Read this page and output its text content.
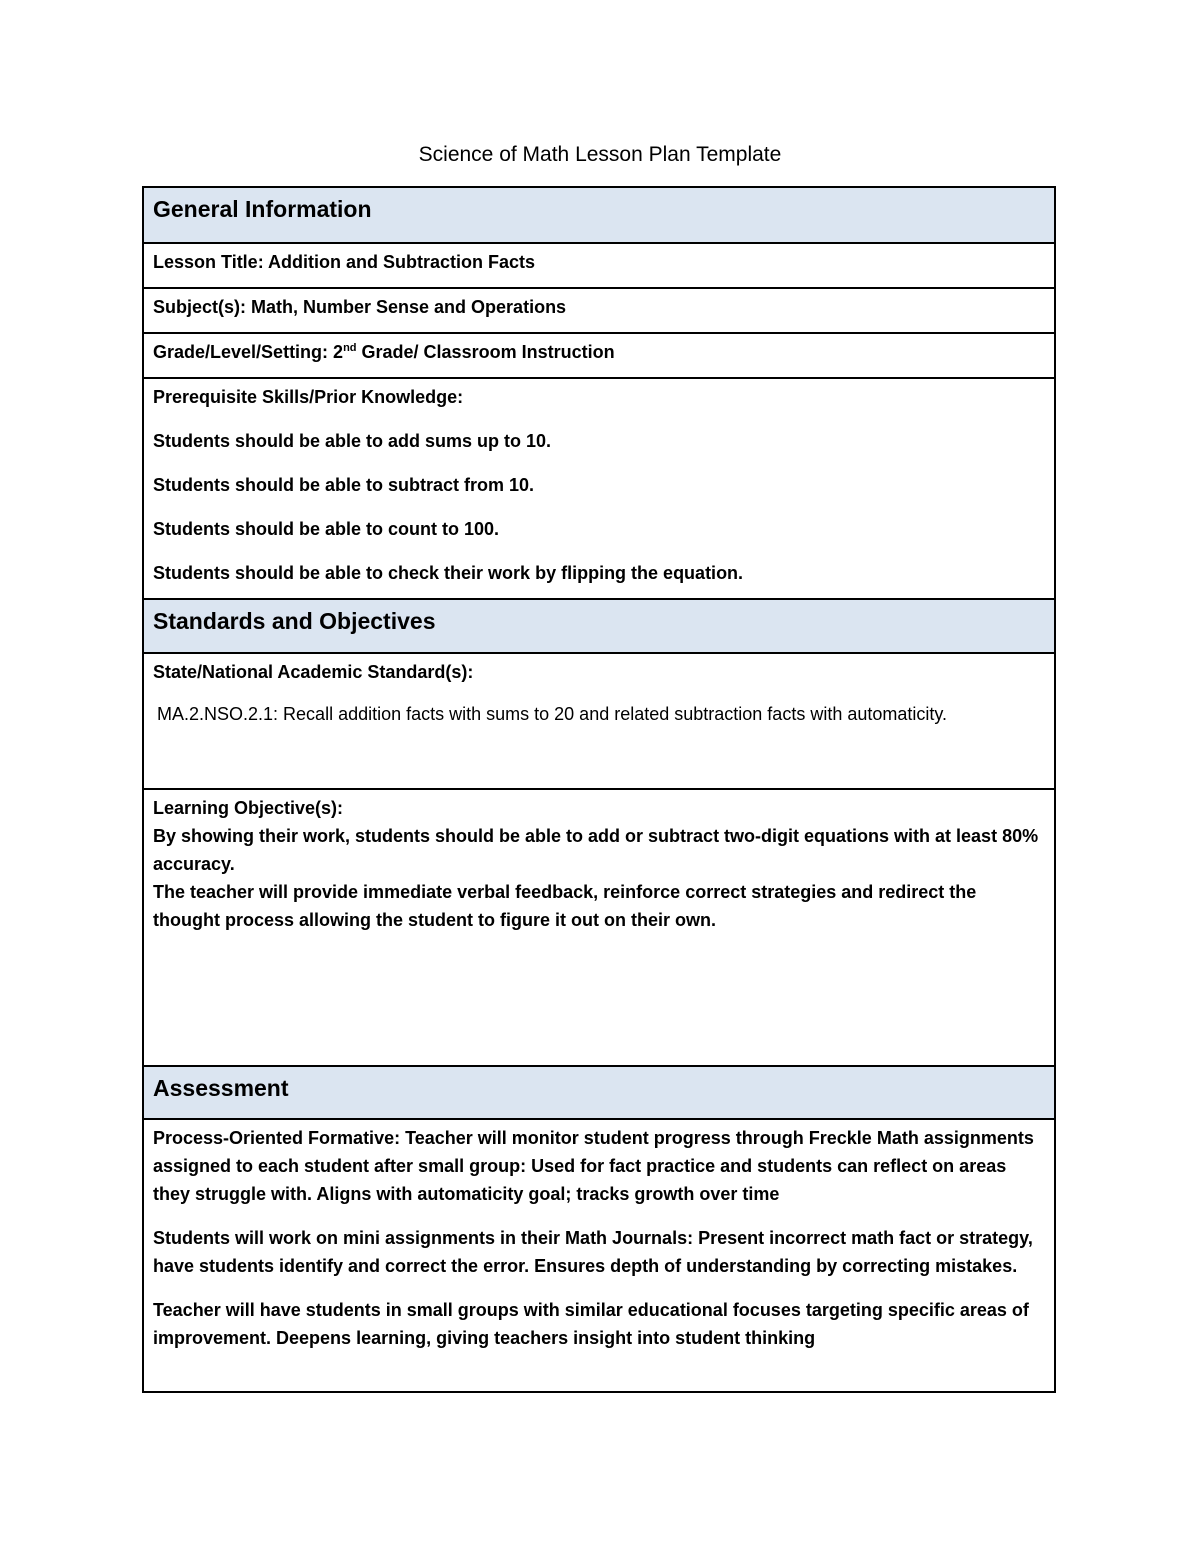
Science of Math Lesson Plan Template
General Information
Lesson Title: Addition and Subtraction Facts
Subject(s): Math, Number Sense and Operations
Grade/Level/Setting: 2nd Grade/ Classroom Instruction

Prerequisite Skills/Prior Knowledge:

Students should be able to add sums up to 10.

Students should be able to subtract from 10.

Students should be able to count to 100.

Students should be able to check their work by flipping the equation.

Standards and Objectives

State/National Academic Standard(s):

MA.2.NSO.2.1: Recall addition facts with sums to 20 and related subtraction facts with automaticity.

Learning Objective(s):

By showing their work, students should be able to add or subtract two-digit equations with at least 80% accuracy.

The teacher will provide immediate verbal feedback, reinforce correct strategies and redirect the thought process allowing the student to figure it out on their own.

Assessment

Process-Oriented Formative: Teacher will monitor student progress through Freckle Math assignments assigned to each student after small group: Used for fact practice and students can reflect on areas they struggle with. Aligns with automaticity goal; tracks growth over time

Students will work on mini assignments in their Math Journals: Present incorrect math fact or strategy, have students identify and correct the error. Ensures depth of understanding by correcting mistakes.

Teacher will have students in small groups with similar educational focuses targeting specific areas of improvement. Deepens learning, giving teachers insight into student thinking
